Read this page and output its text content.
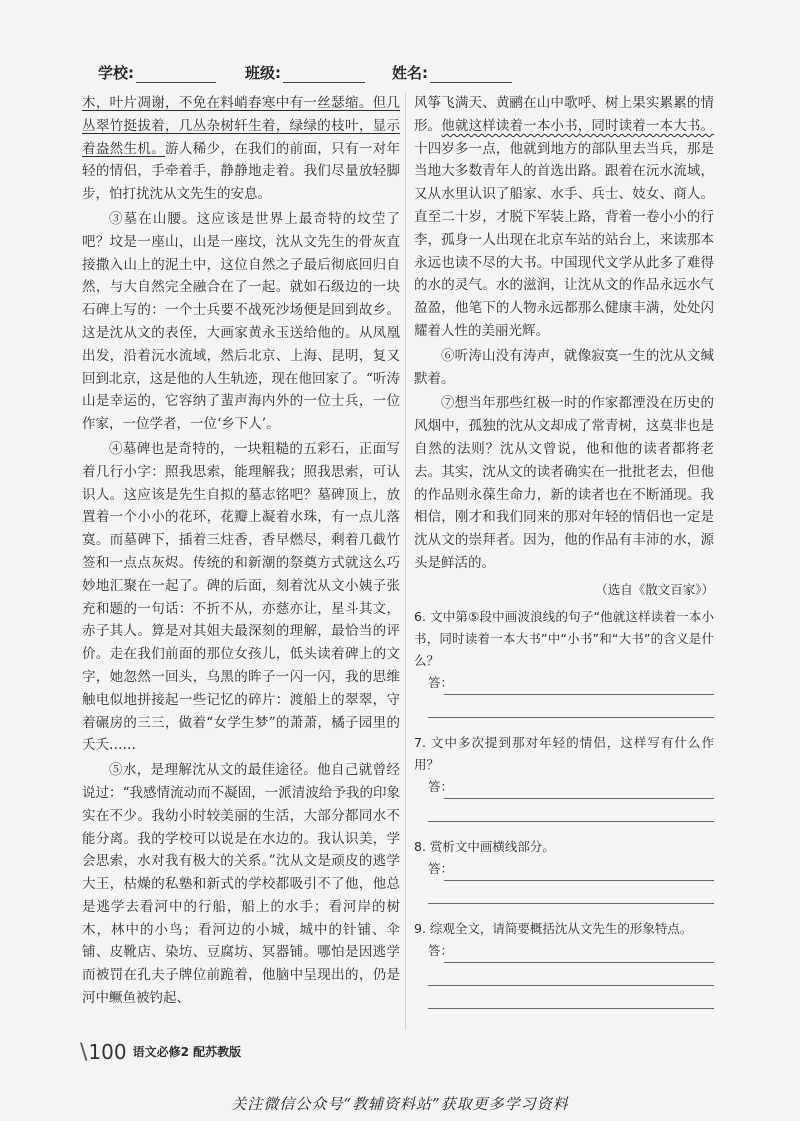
学校:	班级:	姓名:

木，叶片凋谢，不免在料峭春寒中有一丝瑟缩。但几丛翠竹挺拔着，几丛杂树轩生着，绿绿的枝叶，显示着盎然生机。游人稀少，在我们的前面，只有一对年轻的情侣，手牵着手，静静地走着。我们尽量放轻脚步，怕打扰沈从文先生的安息。

③墓在山腰。这应该是世界上最奇特的坟茔了吧？坟是一座山，山是一座坟，沈从文先生的骨灰直接撒入山上的泥土中，这位自然之子最后彻底回归自然，与大自然完全融合在了一起。就如石级边的一块石碑上写的：一个士兵要不战死沙场便是回到故乡。这是沈从文的表侄，大画家黄永玉送给他的。从凤凰出发，沿着沅水流域，然后北京、上海、昆明，复又回到北京，这是他的人生轨迹，现在他回家了。“听涛山是幸运的，它容纳了蜚声海内外的一位士兵，一位作家，一位学者，一位‘乡下人’。

④墓碑也是奇特的，一块粗糙的五彩石，正面写着几行小字：照我思索，能理解我；照我思索，可认识人。这应该是先生自拟的墓志铭吧？墓碑顶上，放置着一个小小的花环，花瓣上凝着水珠，有一点儿落寞。而墓碑下，插着三炷香，香早燃尽，剩着几截竹签和一点点灰烬。传统的和新潮的祭奠方式就这么巧妙地汇聚在一起了。碑的后面，刻着沈从文小姨子张充和题的一句话：不折不从，亦慈亦让，星斗其文，赤子其人。算是对其姐夫最深刻的理解，最恰当的评价。走在我们前面的那位女孩儿，低头读着碑上的文字，她忽然一回头，乌黑的眸子一闪一闪，我的思维触电似地拼接起一些记忆的碎片：渡船上的翠翠，守着碾房的三三，做着“女学生梦”的萧萧，橘子园里的夭夭……

⑤水，是理解沈从文的最佳途径。他自己就曾经说过：“我感情流动而不凝固，一派清波给予我的印象实在不少。我幼小时较美丽的生活，大部分都同水不能分离。我的学校可以说是在水边的。我认识美，学会思索，水对我有极大的关系。”沈从文是顽皮的逃学大王，枯燥的私塾和新式的学校都吸引不了他，他总是逃学去看河中的行船，船上的水手；看河岸的树木，林中的小鸟；看河边的小城，城中的针铺、伞铺、皮靴店、染坊、豆腐坊、冥器铺。哪怕是因逃学而被罚在孔夫子牌位前跪着，他脑中呈现出的，仍是河中鳜鱼被钓起、

风筝飞满天、黄鹂在山中歌呼、树上果实累累的情形。他就这样读着一本小书，同时读着一本大书。十四岁多一点，他就到地方的部队里去当兵，那是当地大多数青年人的首选出路。跟着在沅水流域，又从水里认识了船家、水手、兵士、妓女、商人。直至二十岁，才脱下军装上路，背着一卷小小的行李，孤身一人出现在北京车站的站台上，来读那本永远也读不尽的大书。中国现代文学从此多了难得的水的灵气。水的滋润，让沈从文的作品永远水气盈盈，他笔下的人物永远都那么健康丰满，处处闪耀着人性的美丽光辉。

⑥听涛山没有涛声，就像寂寞一生的沈从文缄默着。

⑦想当年那些红极一时的作家都湮没在历史的风烟中，孤独的沈从文却成了常青树，这莫非也是自然的法则？沈从文曾说，他和他的读者都将老去。其实，沈从文的读者确实在一批批老去，但他的作品则永葆生命力，新的读者也在不断涌现。我相信，刚才和我们同来的那对年轻的情侣也一定是沈从文的崇拜者。因为，他的作品有丰沛的水，源头是鲜活的。

（选自《散文百家》）
6. 文中第⑤段中画波浪线的句子“他就这样读着一本小书，同时读着一本大书”中“小书”和“大书”的含义是什么？
答：
7. 文中多次提到那对年轻的情侣，这样写有什么作用？
答：
8. 赏析文中画横线部分。
答：
9. 综观全文，请简要概括沈从文先生的形象特点。
答：
\100 语文必修2 配苏教版
关注微信公众号“教辅资料站”获取更多学习资料
